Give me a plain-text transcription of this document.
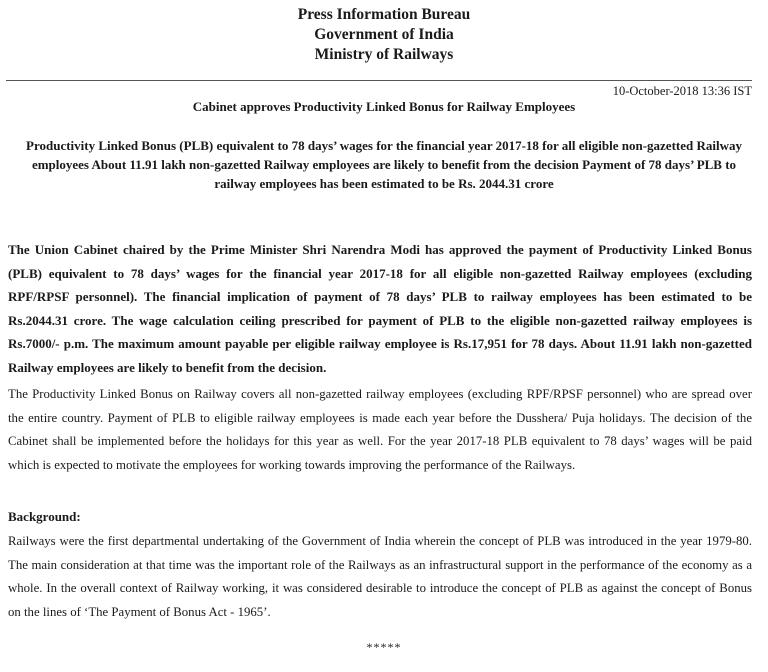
Press Information Bureau
Government of India
Ministry of Railways
10-October-2018 13:36 IST
Cabinet approves Productivity Linked Bonus for Railway Employees
Productivity Linked Bonus (PLB) equivalent to 78 days’ wages for the financial year 2017-18 for all eligible non-gazetted Railway employees About 11.91 lakh non-gazetted Railway employees are likely to benefit from the decision Payment of 78 days’ PLB to railway employees has been estimated to be Rs. 2044.31 crore

The Union Cabinet chaired by the Prime Minister Shri Narendra Modi has approved the payment of Productivity Linked Bonus (PLB) equivalent to 78 days’ wages for the financial year 2017-18 for all eligible non-gazetted Railway employees (excluding RPF/RPSF personnel). The financial implication of payment of 78 days’ PLB to railway employees has been estimated to be Rs.2044.31 crore. The wage calculation ceiling prescribed for payment of PLB to the eligible non-gazetted railway employees is Rs.7000/- p.m. The maximum amount payable per eligible railway employee is Rs.17,951 for 78 days. About 11.91 lakh non-gazetted Railway employees are likely to benefit from the decision.

The Productivity Linked Bonus on Railway covers all non-gazetted railway employees (excluding RPF/RPSF personnel) who are spread over the entire country. Payment of PLB to eligible railway employees is made each year before the Dusshera/ Puja holidays. The decision of the Cabinet shall be implemented before the holidays for this year as well. For the year 2017-18 PLB equivalent to 78 days’ wages will be paid which is expected to motivate the employees for working towards improving the performance of the Railways.

Background:

Railways were the first departmental undertaking of the Government of India wherein the concept of PLB was introduced in the year 1979-80. The main consideration at that time was the important role of the Railways as an infrastructural support in the performance of the economy as a whole. In the overall context of Railway working, it was considered desirable to introduce the concept of PLB as against the concept of Bonus on the lines of ‘The Payment of Bonus Act - 1965’.

*****
